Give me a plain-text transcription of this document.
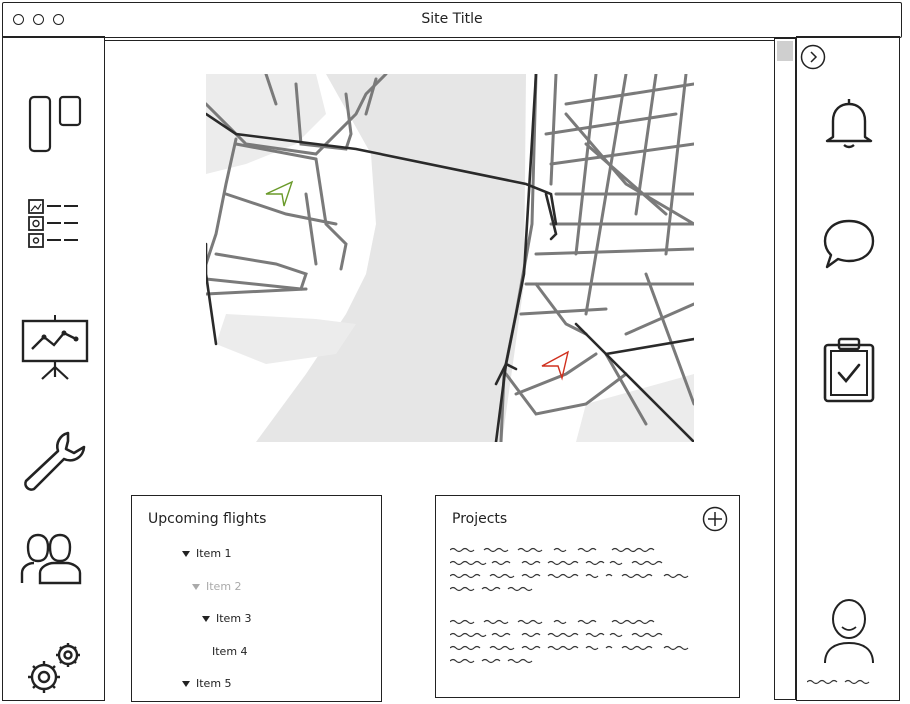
Site Title
Upcoming flights
Item 1
Item 2
Item 3
Item 4
Item 5
Projects
